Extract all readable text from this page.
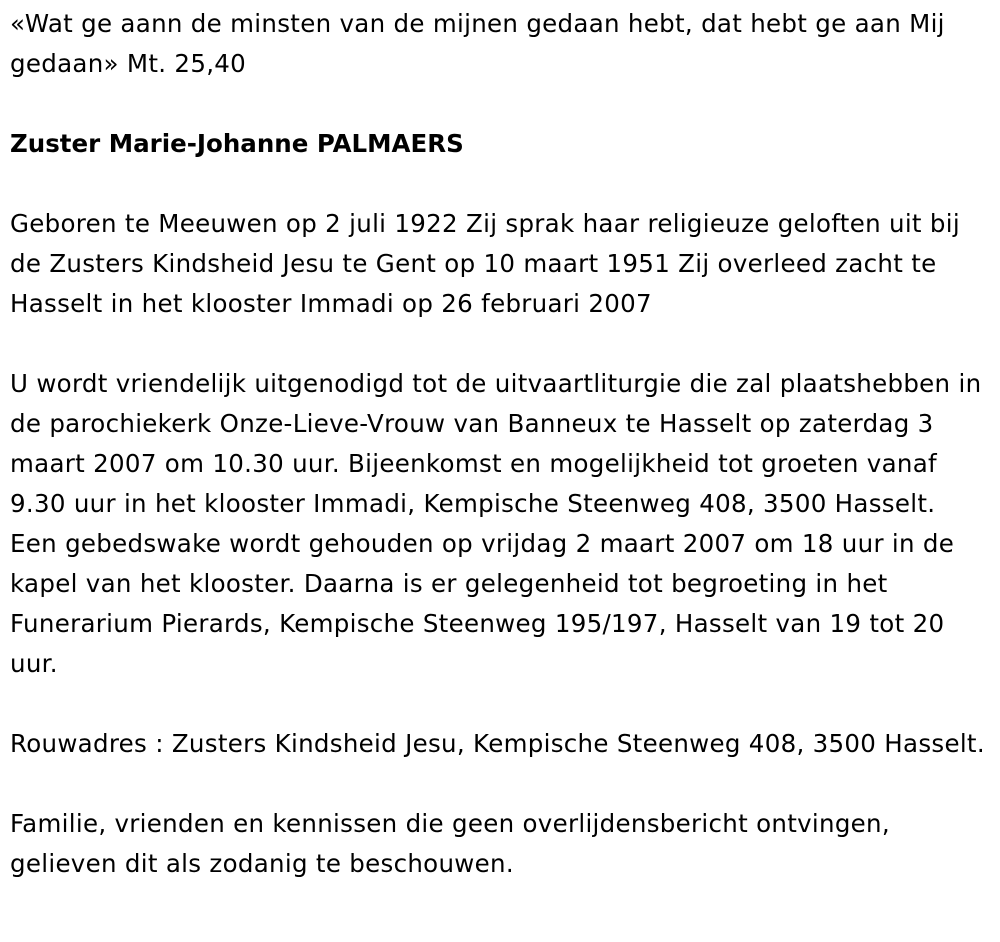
«Wat ge aann de minsten van de mijnen gedaan hebt, dat hebt ge aan Mij gedaan» Mt. 25,40

Zuster Marie-Johanne PALMAERS

Geboren te Meeuwen op 2 juli 1922 Zij sprak haar religieuze geloften uit bij de Zusters Kindsheid Jesu te Gent op 10 maart 1951 Zij overleed zacht te Hasselt in het klooster Immadi op 26 februari 2007

U wordt vriendelijk uitgenodigd tot de uitvaartliturgie die zal plaatshebben in de parochiekerk Onze-Lieve-Vrouw van Banneux te Hasselt op zaterdag 3 maart 2007 om 10.30 uur. Bijeenkomst en mogelijkheid tot groeten vanaf 9.30 uur in het klooster Immadi, Kempische Steenweg 408, 3500 Hasselt. Een gebedswake wordt gehouden op vrijdag 2 maart 2007 om 18 uur in de kapel van het klooster. Daarna is er gelegenheid tot begroeting in het Funerarium Pierards, Kempische Steenweg 195/197, Hasselt van 19 tot 20 uur.

Rouwadres : Zusters Kindsheid Jesu, Kempische Steenweg 408, 3500 Hasselt.

Familie, vrienden en kennissen die geen overlijdensbericht ontvingen, gelieven dit als zodanig te beschouwen.
